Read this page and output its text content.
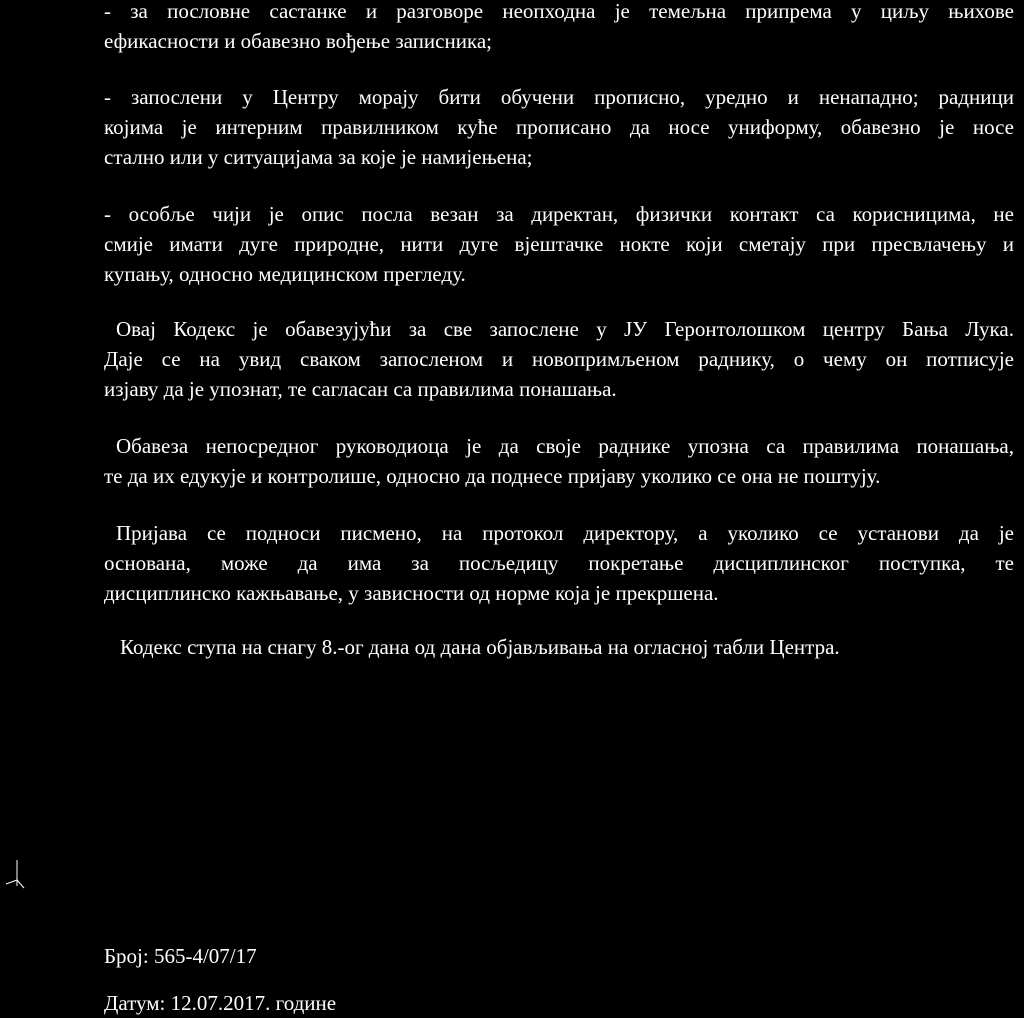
- за пословне састанке и разговоре неопходна је темељна припрема у циљу њихове
ефикасности и обавезно вођење записника;
- запослени у Центру морају бити обучени прописно, уредно и ненападно; радници
којима је интерним правилником куће прописано да носе униформу, обавезно је носе
стално или у ситуацијама за које је намијењена;
- особље чији је опис посла везан за директан, физички контакт са корисницима, не
смије имати дуге природне, нити дуге вјештачке нокте који сметају при пресвлачењу и
купању, односно медицинском прегледу.
Овај Кодекс је обавезујући за све запослене у ЈУ Геронтолошком центру Бања Лука.
Даје се на увид сваком запосленом и новопримљеном раднику, о чему он потписује
изјаву да је упознат, те сагласан са правилима понашања.
Обавеза непосредног руководиоца је да своје раднике упозна са правилима понашања,
те да их едукује и контролише, односно да поднесе пријаву уколико се она не поштују.
Пријава се подноси писмено, на протокол директору, а уколико се установи да је
основана, може да има за посљедицу покретање дисциплинског поступка, те
дисциплинско кажњавање, у зависности од норме која је прекршена.
Кодекс ступа на снагу 8.-ог дана од дана објављивања на огласној табли Центра.
Број: 565-4/07/17
Датум: 12.07.2017. године
